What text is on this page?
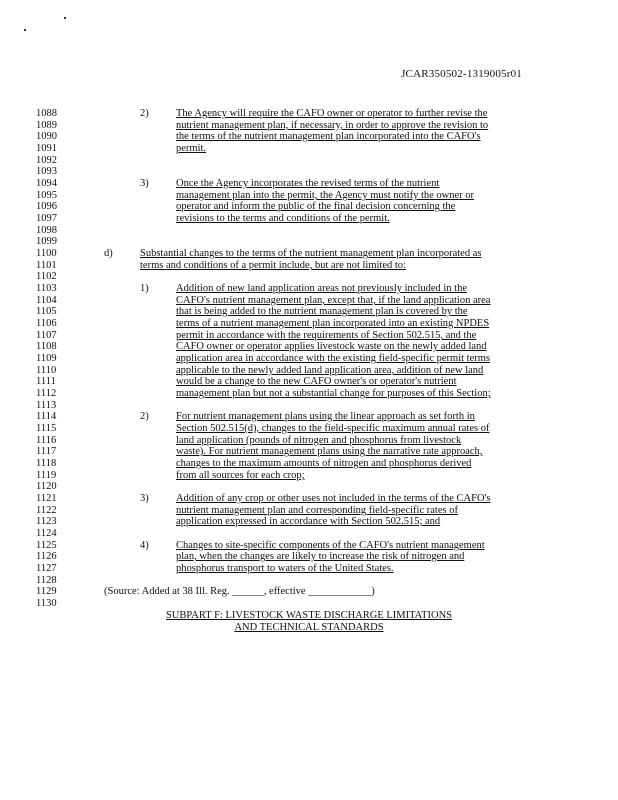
JCAR350502-1319005r01
1088
1089
1090
1091
1092
1093
1094
1095
1096
1097
1098
1099
1100
1101
1102
1103
1104
1105
1106
1107
1108
1109
1110
1111
1112
1113
1114
1115
1116
1117
1118
1119
1120
1121
1122
1123
1124
1125
1126
1127
1128
1129
1130
2)	The Agency will require the CAFO owner or operator to further revise the
nutrient management plan, if necessary, in order to approve the revision to
the terms of the nutrient management plan incorporated into the CAFO's
permit.
3)	Once the Agency incorporates the revised terms of the nutrient
management plan into the permit, the Agency must notify the owner or
operator and inform the public of the final decision concerning the
revisions to the terms and conditions of the permit.
d)	Substantial changes to the terms of the nutrient management plan incorporated as
terms and conditions of a permit include, but are not limited to:
1)	Addition of new land application areas not previously included in the
CAFO's nutrient management plan, except that, if the land application area
that is being added to the nutrient management plan is covered by the
terms of a nutrient management plan incorporated into an existing NPDES
permit in accordance with the requirements of Section 502.515, and the
CAFO owner or operator applies livestock waste on the newly added land
application area in accordance with the existing field-specific permit terms
applicable to the newly added land application area, addition of new land
would be a change to the new CAFO owner's or operator's nutrient
management plan but not a substantial change for purposes of this Section;
2)	For nutrient management plans using the linear approach as set forth in
Section 502.515(d), changes to the field-specific maximum annual rates of
land application (pounds of nitrogen and phosphorus from livestock
waste). For nutrient management plans using the narrative rate approach,
changes to the maximum amounts of nitrogen and phosphorus derived
from all sources for each crop;
3)	Addition of any crop or other uses not included in the terms of the CAFO's
nutrient management plan and corresponding field-specific rates of
application expressed in accordance with Section 502.515; and
4)	Changes to site-specific components of the CAFO's nutrient management
plan, when the changes are likely to increase the risk of nitrogen and
phosphorus transport to waters of the United States.
(Source: Added at 38 Ill. Reg. ______, effective ____________)
SUBPART F: LIVESTOCK WASTE DISCHARGE LIMITATIONS
AND TECHNICAL STANDARDS
